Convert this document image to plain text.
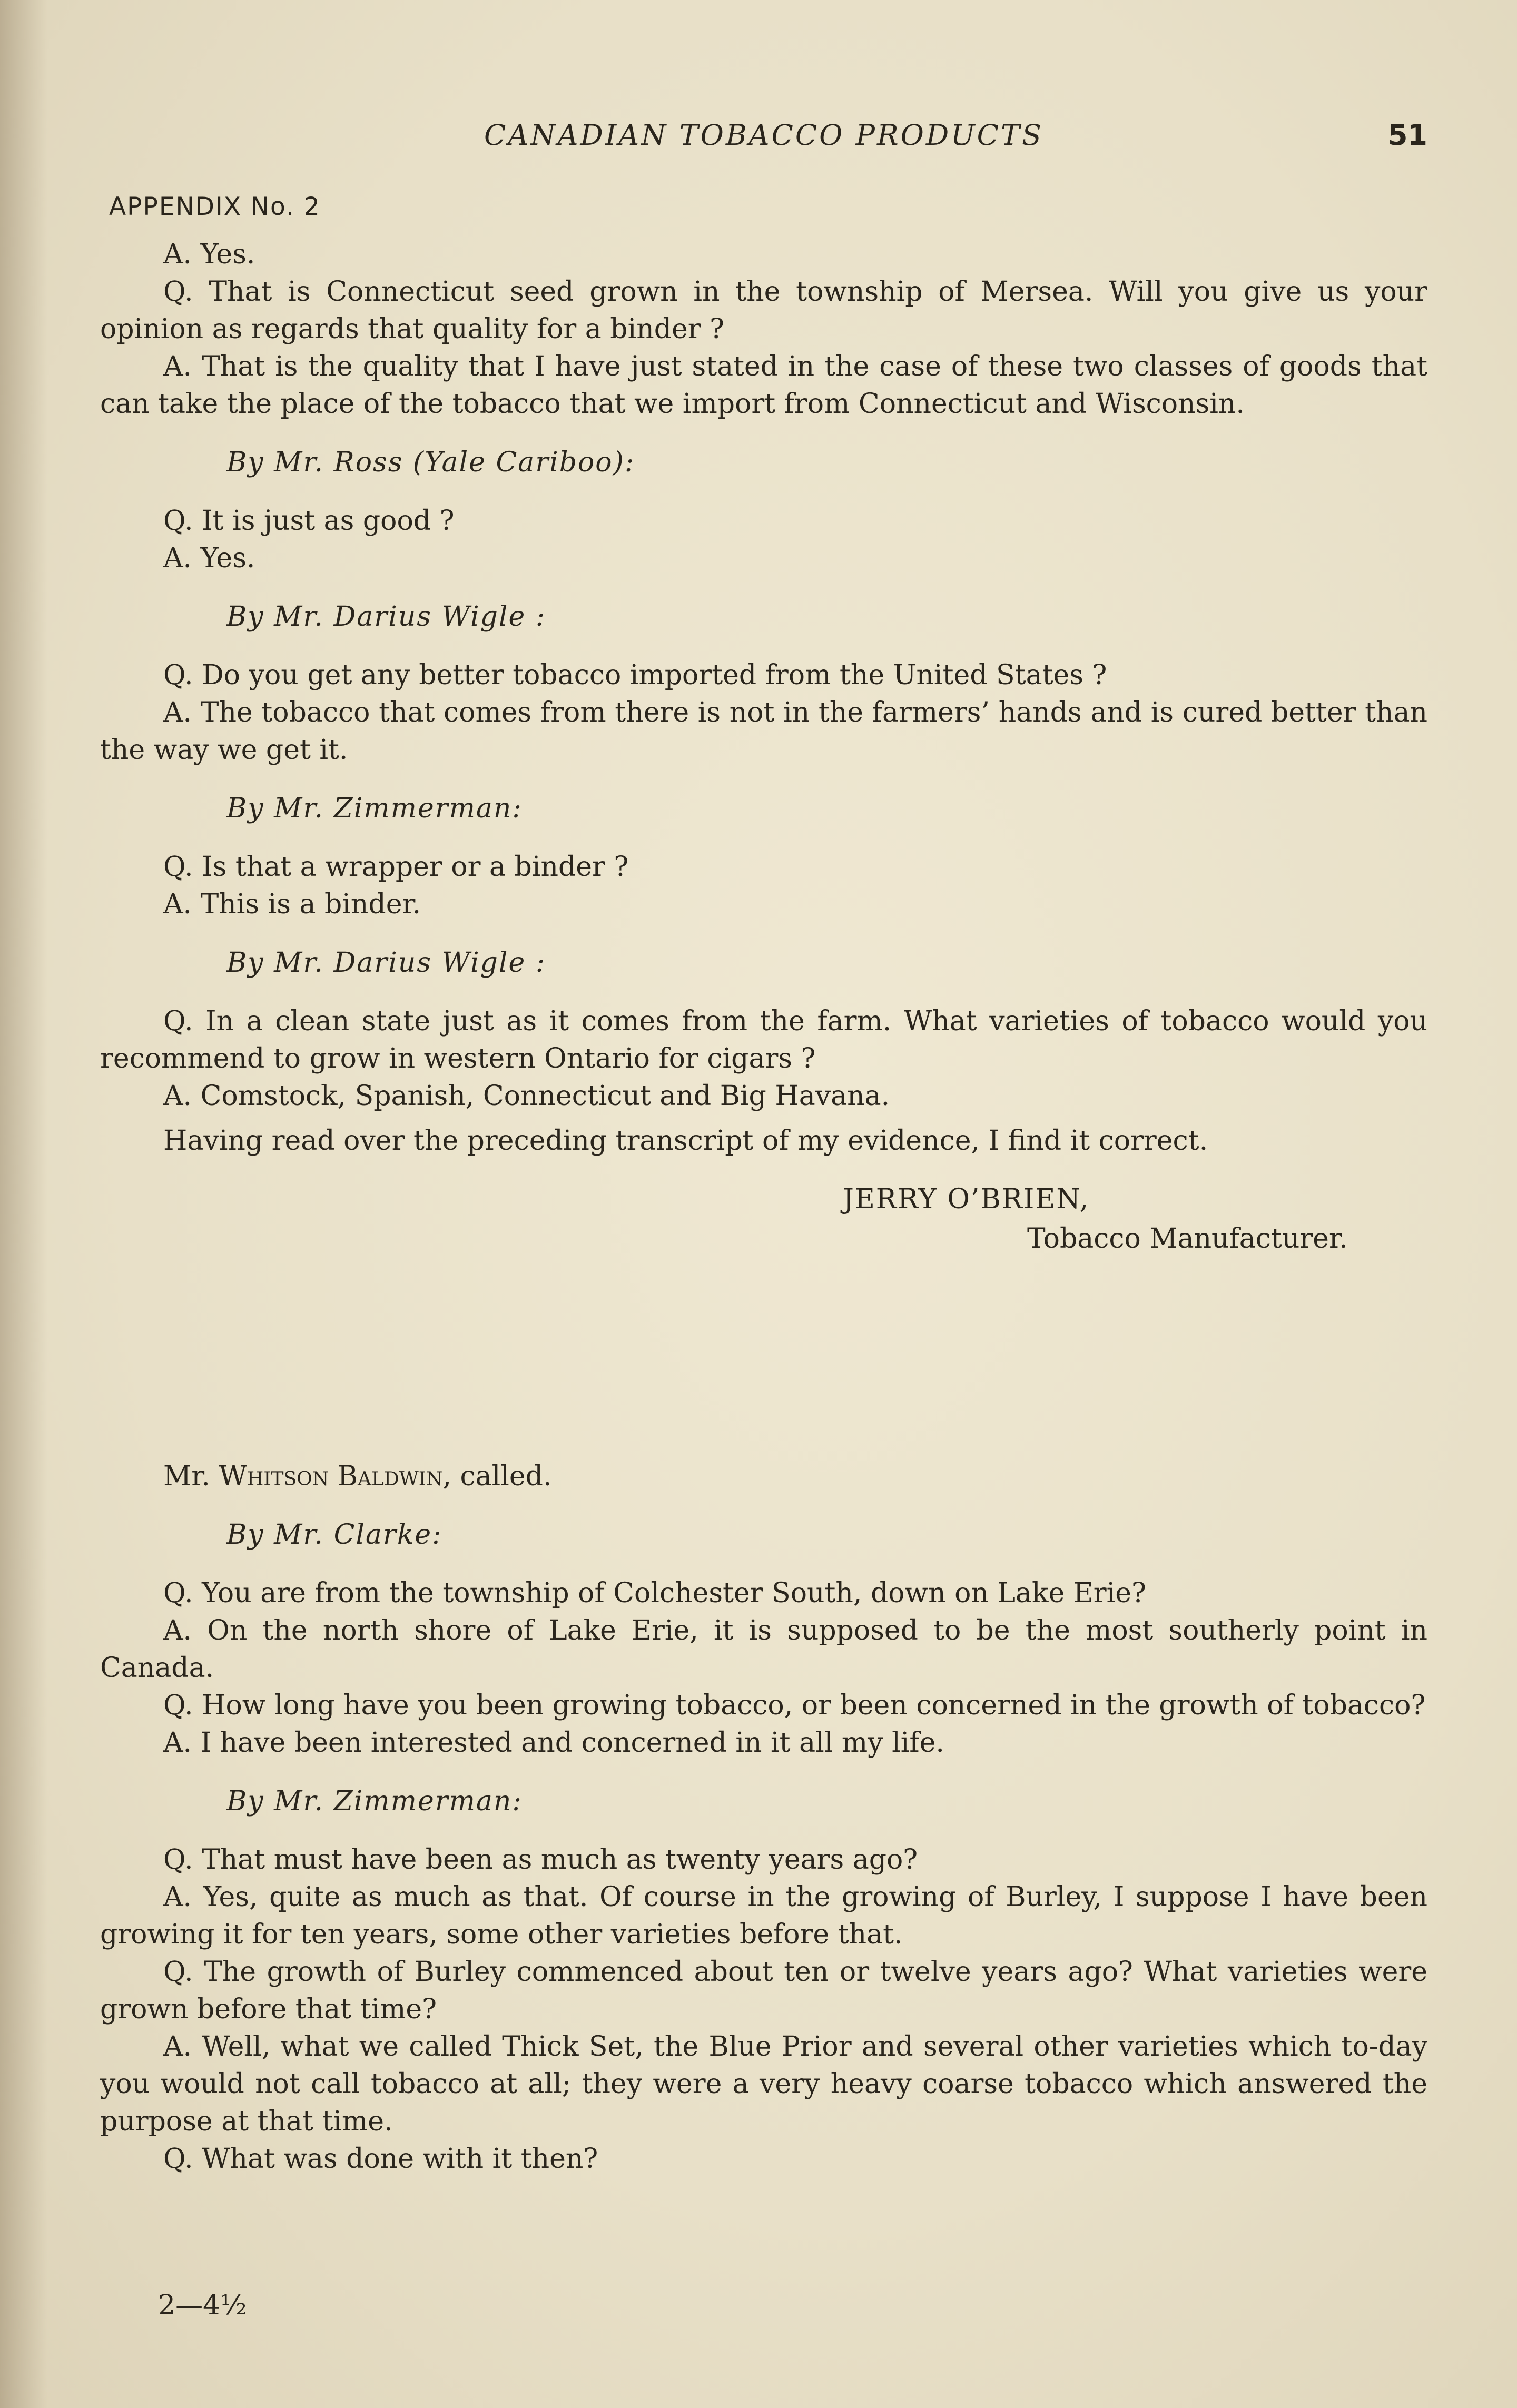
CANADIAN TOBACCO PRODUCTS	51
APPENDIX No. 2

A. Yes.

Q. That is Connecticut seed grown in the township of Mersea. Will you give us your opinion as regards that quality for a binder ?

A. That is the quality that I have just stated in the case of these two classes of goods that can take the place of the tobacco that we import from Connecticut and Wisconsin.

By Mr. Ross (Yale Cariboo):

Q. It is just as good ?

A. Yes.

By Mr. Darius Wigle :

Q. Do you get any better tobacco imported from the United States ?

A. The tobacco that comes from there is not in the farmers’ hands and is cured better than the way we get it.

By Mr. Zimmerman:

Q. Is that a wrapper or a binder ?

A. This is a binder.

By Mr. Darius Wigle :

Q. In a clean state just as it comes from the farm. What varieties of tobacco would you recommend to grow in western Ontario for cigars ?

A. Comstock, Spanish, Connecticut and Big Havana.

Having read over the preceding transcript of my evidence, I find it correct.

JERRY O’BRIEN,
Tobacco Manufacturer.

Mr. Whitson Baldwin, called.

By Mr. Clarke:

Q. You are from the township of Colchester South, down on Lake Erie?

A. On the north shore of Lake Erie, it is supposed to be the most southerly point in Canada.

Q. How long have you been growing tobacco, or been concerned in the growth of tobacco?

A. I have been interested and concerned in it all my life.

By Mr. Zimmerman:

Q. That must have been as much as twenty years ago?

A. Yes, quite as much as that. Of course in the growing of Burley, I suppose I have been growing it for ten years, some other varieties before that.

Q. The growth of Burley commenced about ten or twelve years ago? What varieties were grown before that time?

A. Well, what we called Thick Set, the Blue Prior and several other varieties which to-day you would not call tobacco at all; they were a very heavy coarse tobacco which answered the purpose at that time.

Q. What was done with it then?

2—4½
